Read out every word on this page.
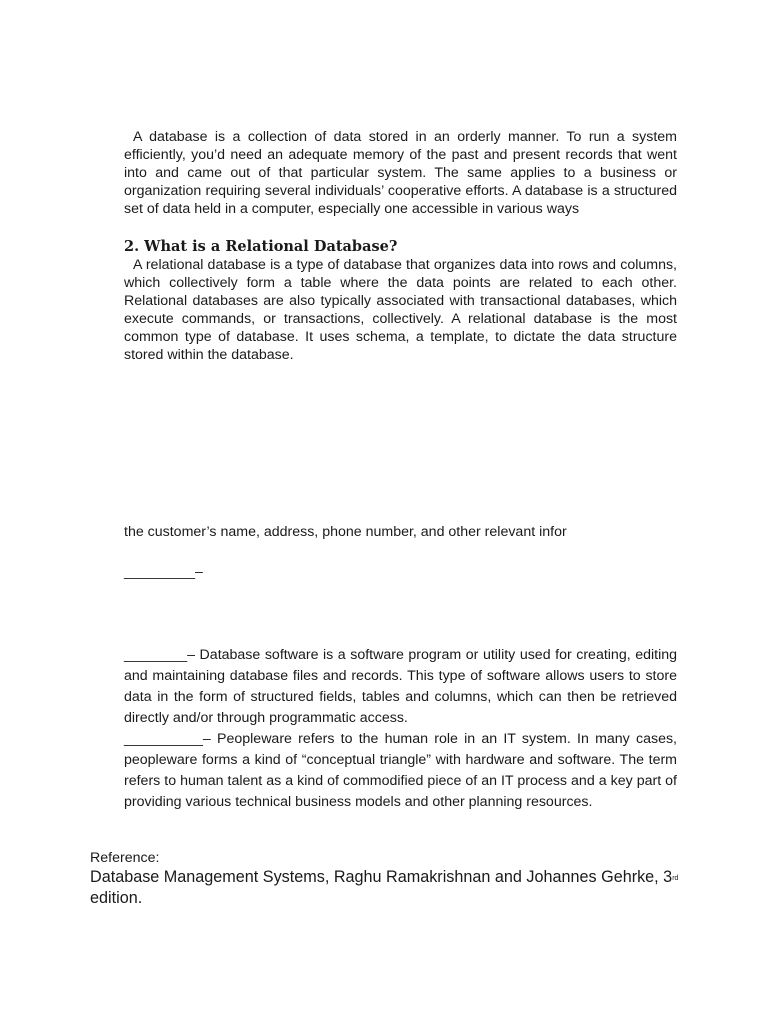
A database is a collection of data stored in an orderly manner. To run a system efficiently, you’d need an adequate memory of the past and present records that went into and came out of that particular system. The same applies to a business or organization requiring several individuals’ cooperative efforts. A database is a structured set of data held in a computer, especially one accessible in various ways

2. What is a Relational Database?

A relational database is a type of database that organizes data into rows and columns, which collectively form a table where the data points are related to each other. Relational databases are also typically associated with transactional databases, which execute commands, or transactions, collectively. A relational database is the most common type of database. It uses schema, a template, to dictate the data structure stored within the database.

the customer’s name, address, phone number, and other relevant infor

_________–

________– Database software is a software program or utility used for creating, editing and maintaining database files and records. This type of software allows users to store data in the form of structured fields, tables and columns, which can then be retrieved directly and/or through programmatic access.

__________– Peopleware refers to the human role in an IT system. In many cases, peopleware forms a kind of “conceptual triangle” with hardware and software. The term refers to human talent as a kind of commodified piece of an IT process and a key part of providing various technical business models and other planning resources.

Reference:

Database Management Systems, Raghu Ramakrishnan and Johannes Gehrke, 3rd edition.
